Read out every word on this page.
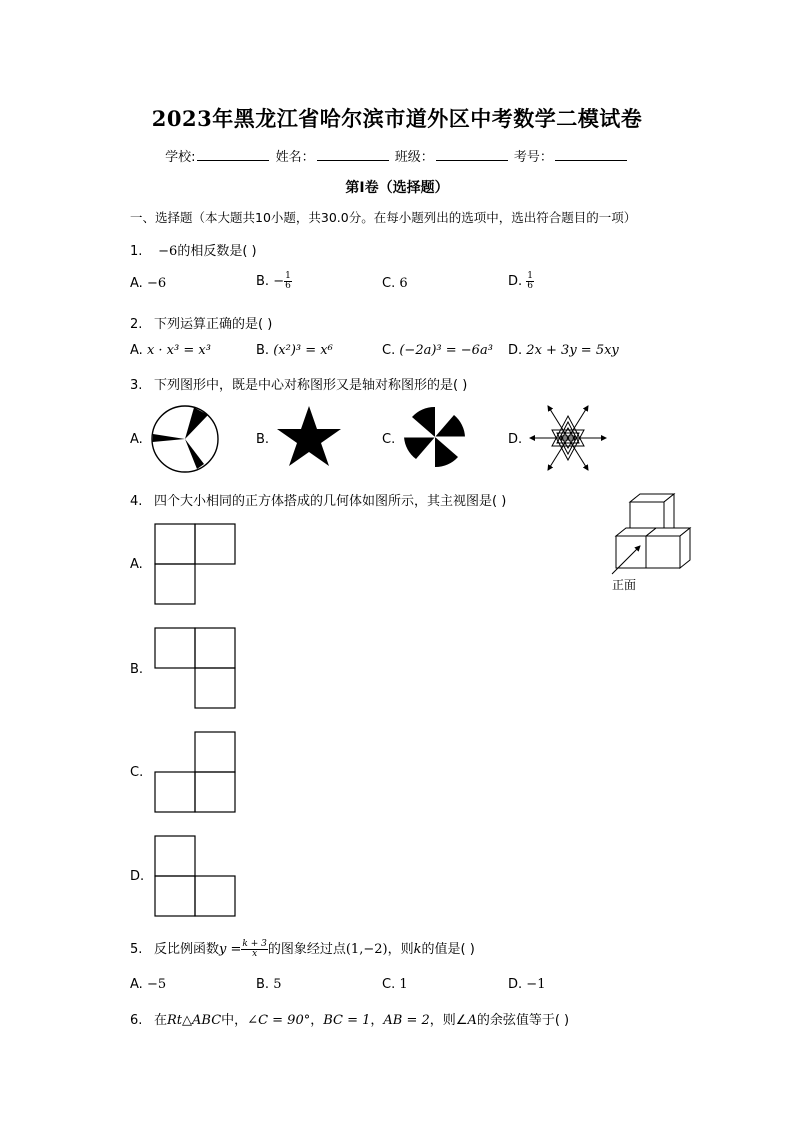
2023年黑龙江省哈尔滨市道外区中考数学二模试卷
学校:	姓名：	班级：	考号：
第I卷（选择题）
一、选择题（本大题共10小题，共30.0分。在每小题列出的选项中，选出符合题目的一项）
1. −6的相反数是( )
A. −6	B. − $\frac{1}{6}$	C. 6	D. $\frac{1}{6}$
2. 下列运算正确的是( )
A. x · x³ = x³	B. (x²)³ = x⁶	C. (−2a)³ = −6a³ D. 2x + 3y = 5xy
3. 下列图形中，既是中心对称图形又是轴对称图形的是( )
A.	B.	C.	D.
4. 四个大小相同的正方体搭成的几何体如图所示，其主视图是( )
正面
A.
B.
C.
D.
5. 反比例函数$y = \frac{k + 3}{x}$ 的图象经过点(1,−2)，则k的值是( )
A. −5	B. 5	C. 1	D. −1
6. 在Rt△ABC中，∠C = 90°，BC = 1，AB = 2，则∠A的余弦值等于( )
